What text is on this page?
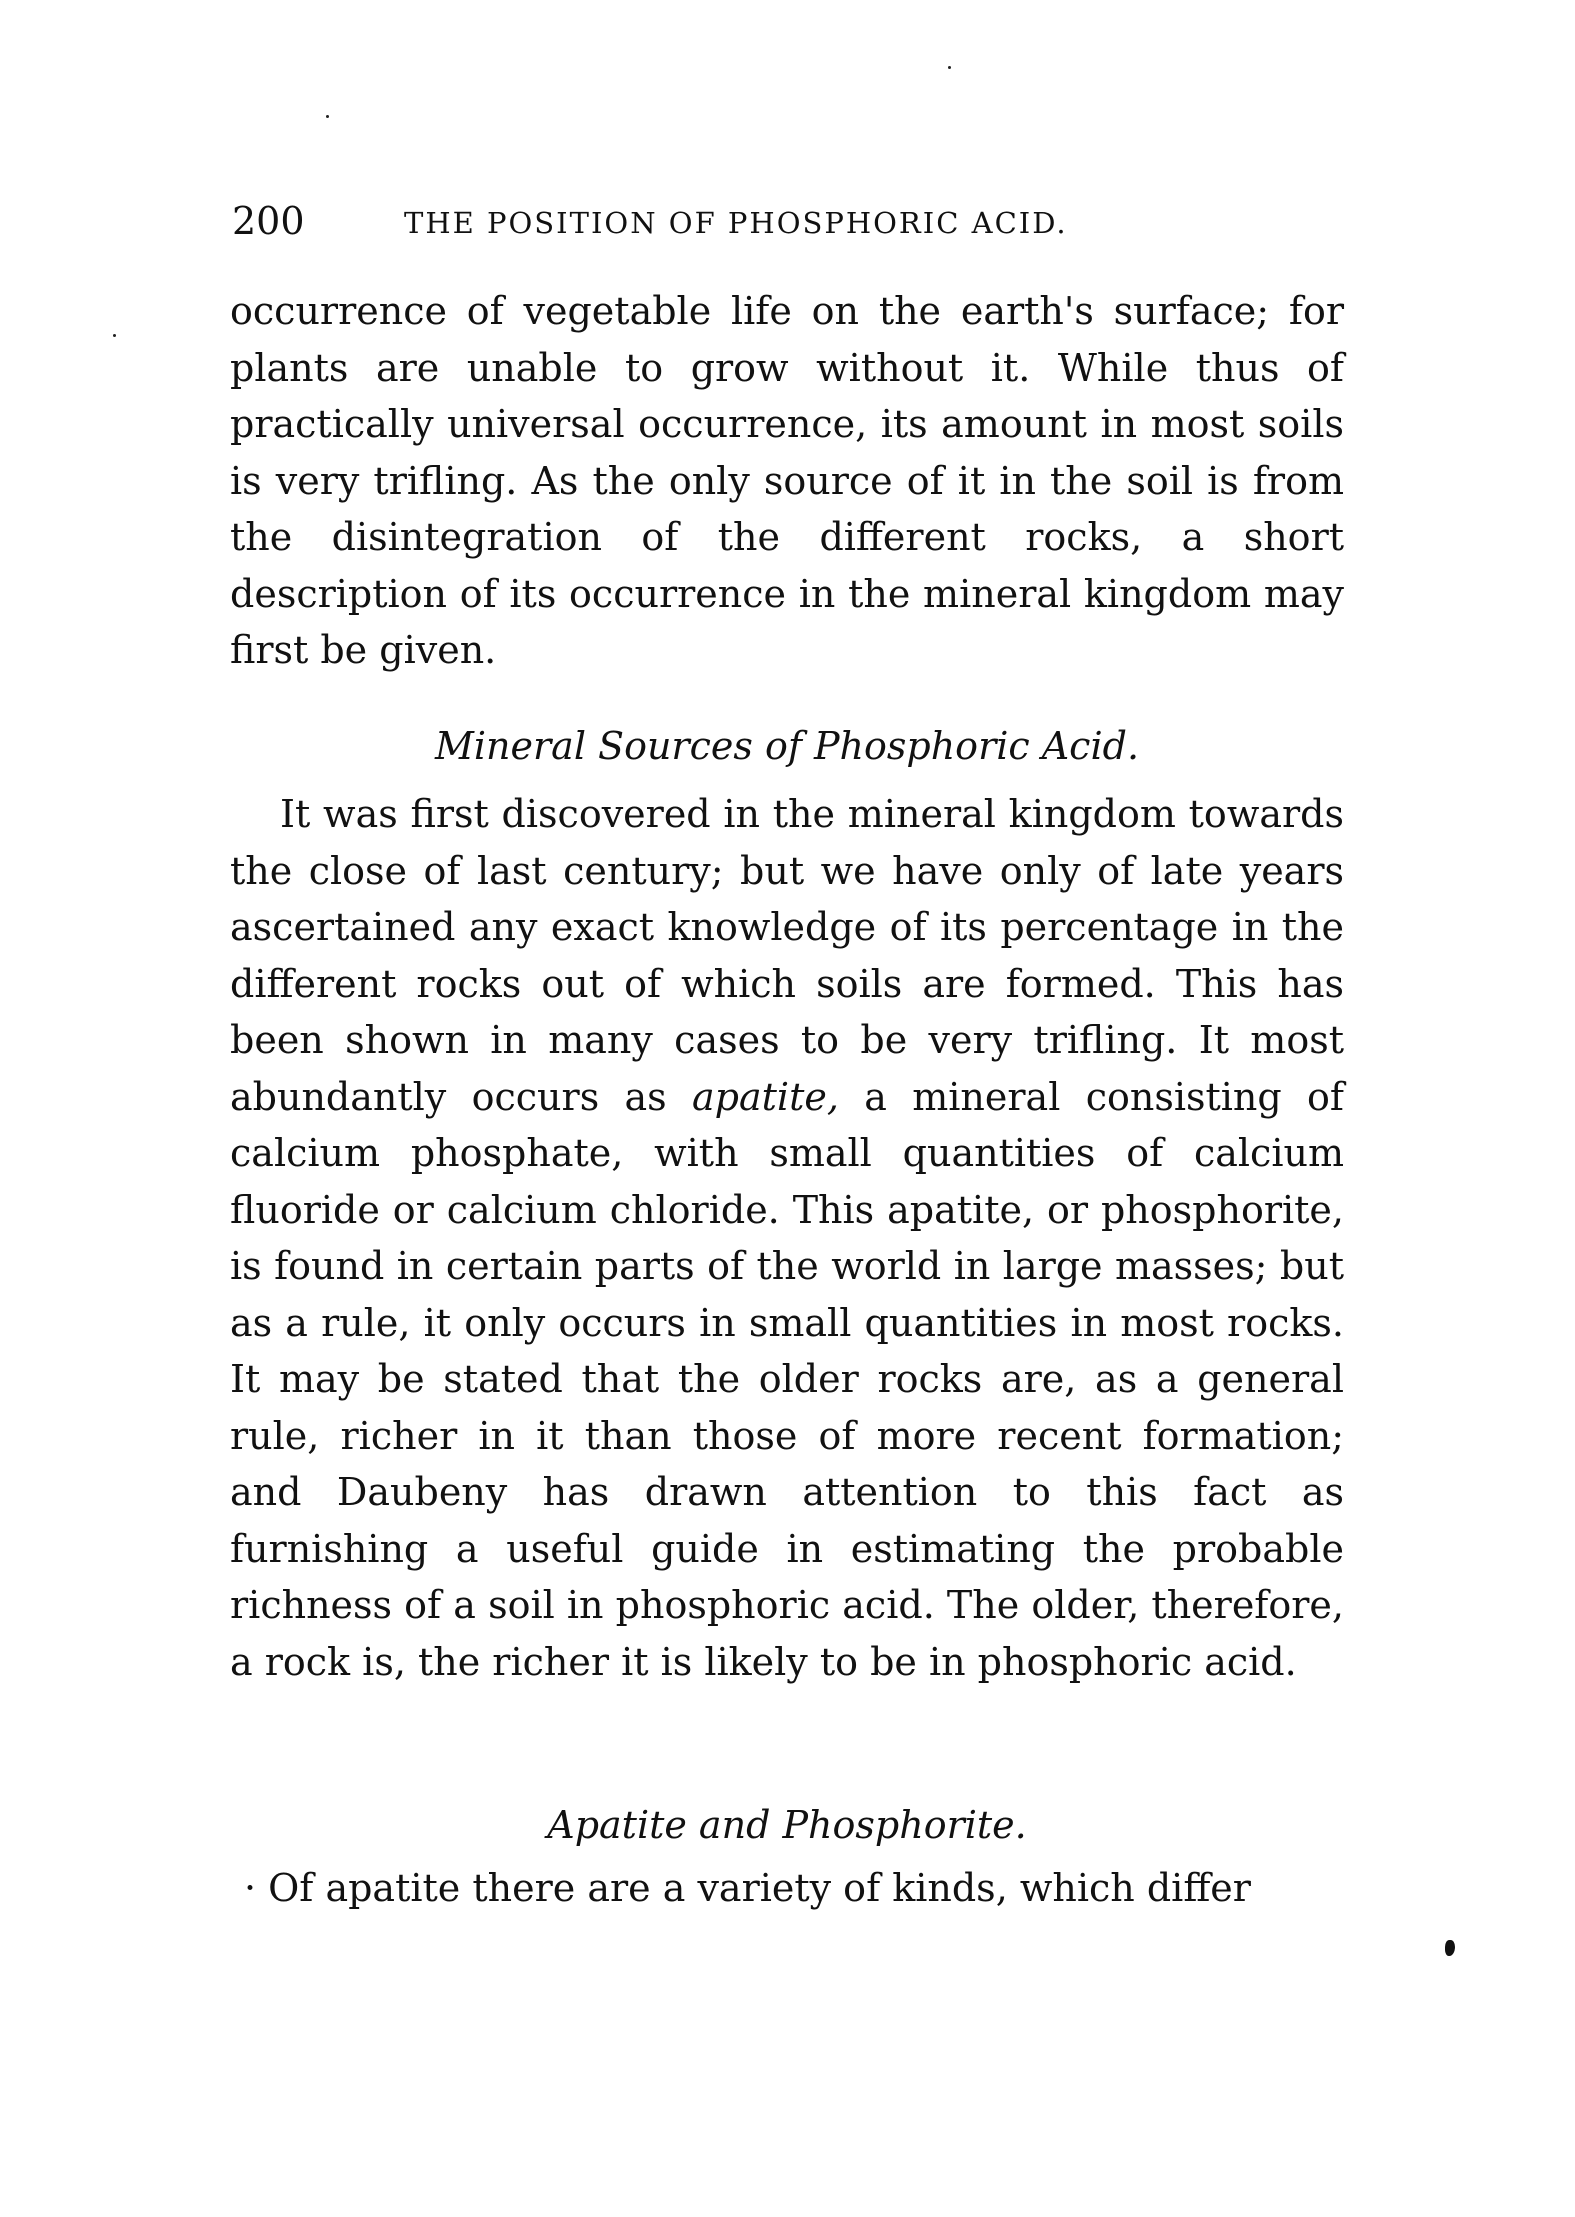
200	THE POSITION OF PHOSPHORIC ACID.

occurrence of vegetable life on the earth's surface; for plants are unable to grow without it. While thus of practically universal occurrence, its amount in most soils is very trifling. As the only source of it in the soil is from the disintegration of the different rocks, a short description of its occurrence in the mineral kingdom may first be given.

Mineral Sources of Phosphoric Acid.

It was first discovered in the mineral kingdom towards the close of last century; but we have only of late years ascertained any exact knowledge of its percentage in the different rocks out of which soils are formed. This has been shown in many cases to be very trifling. It most abundantly occurs as apatite, a mineral consisting of calcium phosphate, with small quantities of calcium fluoride or calcium chloride. This apatite, or phosphorite, is found in certain parts of the world in large masses; but as a rule, it only occurs in small quantities in most rocks. It may be stated that the older rocks are, as a general rule, richer in it than those of more recent formation; and Daubeny has drawn attention to this fact as furnishing a useful guide in estimating the probable richness of a soil in phosphoric acid. The older, therefore, a rock is, the richer it is likely to be in phosphoric acid.

Apatite and Phosphorite.

· Of apatite there are a variety of kinds, which differ
